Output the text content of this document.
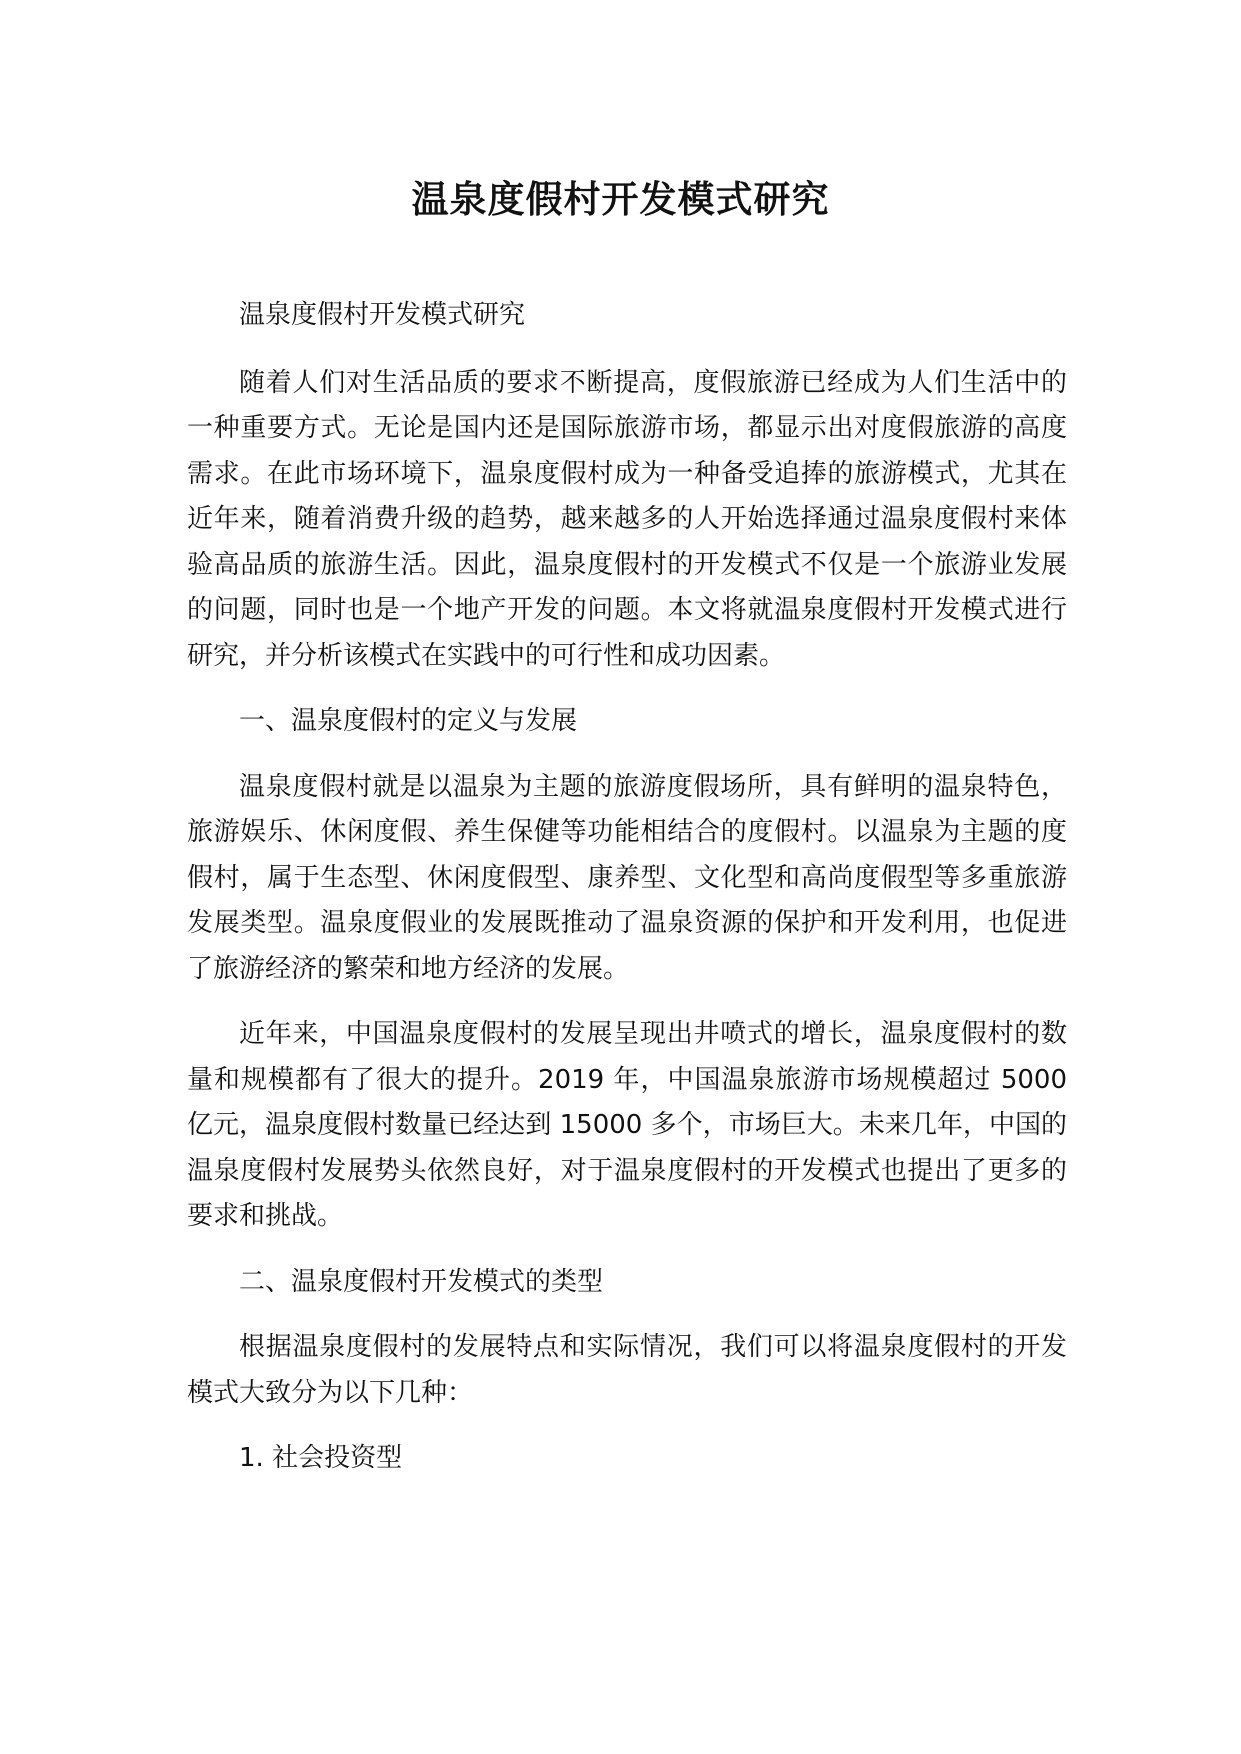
温泉度假村开发模式研究

温泉度假村开发模式研究

随着人们对生活品质的要求不断提高，度假旅游已经成为人们生活中的一种重要方式。无论是国内还是国际旅游市场，都显示出对度假旅游的高度需求。在此市场环境下，温泉度假村成为一种备受追捧的旅游模式，尤其在近年来，随着消费升级的趋势，越来越多的人开始选择通过温泉度假村来体验高品质的旅游生活。因此，温泉度假村的开发模式不仅是一个旅游业发展的问题，同时也是一个地产开发的问题。本文将就温泉度假村开发模式进行研究，并分析该模式在实践中的可行性和成功因素。

一、温泉度假村的定义与发展

温泉度假村就是以温泉为主题的旅游度假场所，具有鲜明的温泉特色，旅游娱乐、休闲度假、养生保健等功能相结合的度假村。以温泉为主题的度假村，属于生态型、休闲度假型、康养型、文化型和高尚度假型等多重旅游发展类型。温泉度假业的发展既推动了温泉资源的保护和开发利用，也促进了旅游经济的繁荣和地方经济的发展。

近年来，中国温泉度假村的发展呈现出井喷式的增长，温泉度假村的数量和规模都有了很大的提升。2019 年，中国温泉旅游市场规模超过 5000 亿元，温泉度假村数量已经达到 15000 多个，市场巨大。未来几年，中国的温泉度假村发展势头依然良好，对于温泉度假村的开发模式也提出了更多的要求和挑战。

二、温泉度假村开发模式的类型

根据温泉度假村的发展特点和实际情况，我们可以将温泉度假村的开发模式大致分为以下几种：

1. 社会投资型
